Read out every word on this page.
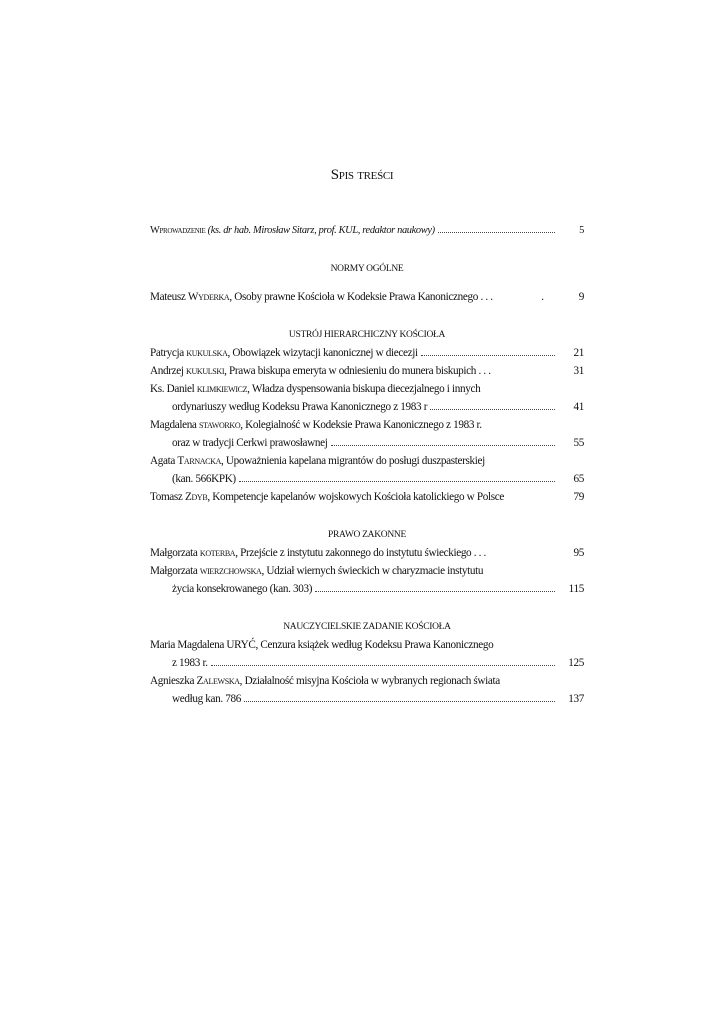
Spis treści
Wprowadzenie (ks. dr hab. Mirosław Sitarz, prof. KUL, redaktor naukowy)	5
NORMY OGÓLNE
Mateusz Wyderka, Osoby prawne Kościoła w Kodeksie Prawa Kanonicznego . . .	.	9
USTRÓJ HIERARCHICZNY KOŚCIOŁA
Patrycja kukulska, Obowiązek wizytacji kanonicznej w diecezji	21
Andrzej kukulski, Prawa biskupa emeryta w odniesieniu do munera biskupich . . .	31
Ks. Daniel klimkiewicz, Władza dyspensowania biskupa diecezjalnego i innych
ordynariuszy według Kodeksu Prawa Kanonicznego z 1983 r	41
Magdalena staworko, Kolegialność w Kodeksie Prawa Kanonicznego z 1983 r.
oraz w tradycji Cerkwi prawosławnej	55
Agata Tarnacka, Upoważnienia kapelana migrantów do posługi duszpasterskiej
(kan. 566KPK)	65
Tomasz Zdyb, Kompetencje kapelanów wojskowych Kościoła katolickiego w Polsce	79
PRAWO ZAKONNE
Małgorzata koterba, Przejście z instytutu zakonnego do instytutu świeckiego . . .	95
Małgorzata wierzchowska, Udział wiernych świeckich w charyzmacie instytutu
życia konsekrowanego (kan. 303)	115
NAUCZYCIELSKIE ZADANIE KOŚCIOŁA
Maria Magdalena URYĆ, Cenzura książek według Kodeksu Prawa Kanonicznego
z 1983 r.	125
Agnieszka Zalewska, Działalność misyjna Kościoła w wybranych regionach świata
według kan. 786	137
